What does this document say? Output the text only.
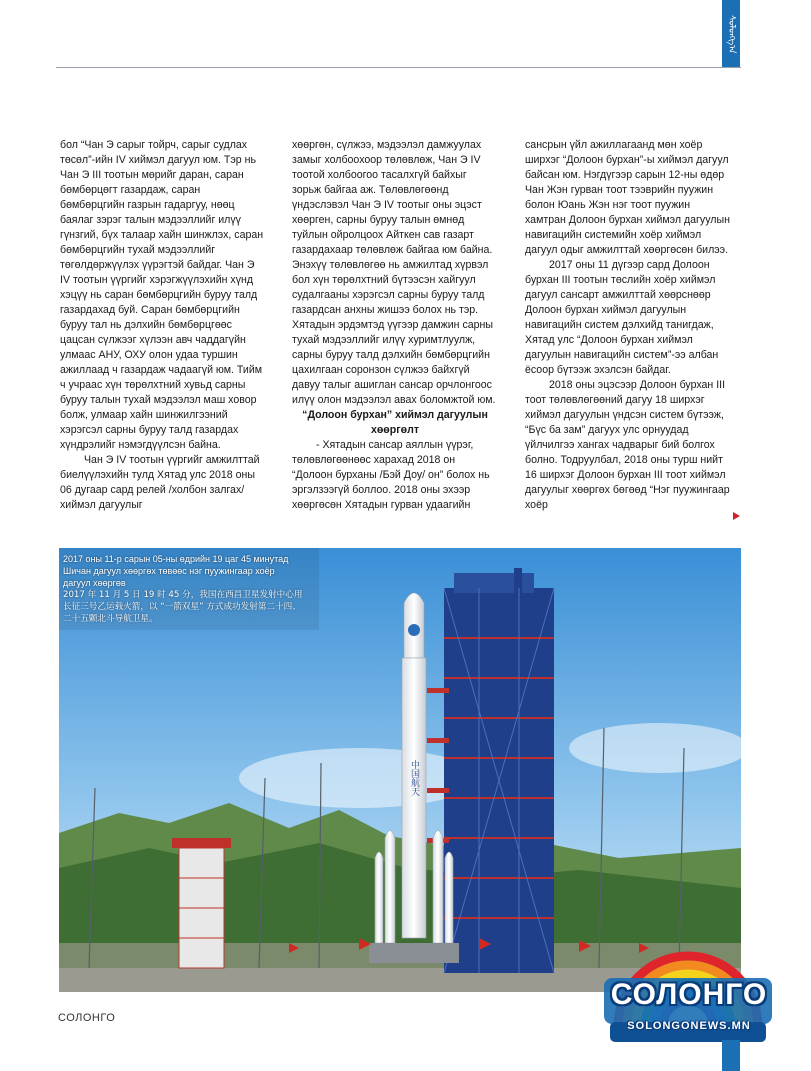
ᠰᠣᠯᠣᠩᠭ᠎ᠠ

бол “Чан Э сарыг тойрч, сарыг судлах төсөл”-ийн IV хиймэл дагуул юм. Тэр нь Чан Э III тоотын мөрийг даран, саран бөмбөрцөгт газардаж, саран бөмбөрцгийн газрын гадаргуу, нөөц баялаг зэрэг талын мэдээллийг илүү гүнзгий, бүх талаар хайн шинжлэх, саран бөмбөрцгийн тухай мэдээллийг төгөлдөржүүлэх үүрэгтэй байдаг. Чан Э IV тоотын үүргийг хэрэгжүүлэхийн хүнд хэцүү нь саран бөмбөрцгийн буруу талд газардахад буй. Саран бөмбөрцгийн буруу тал нь дэлхийн бөмбөрцгөөс цацсан сүлжээг хүлээн авч чаддагүйн улмаас АНУ, ОХУ олон удаа туршин ажиллаад ч газардаж чадаагүй юм. Тийм ч учраас хүн төрөлхтний хувьд сарны буруу талын тухай мэдээлэл маш ховор болж, улмаар хайн шинжилгээний хэрэгсэл сарны буруу талд газардах хүндрэлийг нэмэгдүүлсэн байна.

Чан Э IV тоотын үүргийг амжилттай биелүүлэхийн тулд Хятад улс 2018 оны 06 дугаар сард релей /холбон залгах/ хиймэл дагуулыг

хөөргөн, сүлжээ, мэдээлэл дамжуулах замыг холбоохоор төлөвлөж, Чан Э IV тоотой холбоогоо тасалхгүй байхыг зорьж байгаа аж. Төлөвлөгөөнд үндэслэвэл Чан Э IV тоотыг оны эцэст хөөрген, сарны буруу талын өмнөд туйлын ойролцоох Айткен сав газарт газардахаар төлөвлөж байгаа юм байна. Энэхүү төлөвлөгөө нь амжилтад хүрвэл бол хүн төрөлхтний бүтээсэн хайгуул судалгааны хэрэгсэл сарны буруу талд газардсан анхны жишээ болох нь тэр. Хятадын эрдэмтэд үүгээр дамжин сарны тухай мэдээллийг илүү хуримтлуулж, сарны буруу талд дэлхийн бөмбөрцгийн цахилгаан соронзон сүлжээ байхгүй давуу талыг ашиглан сансар орчлонгоос илүү олон мэдээлэл авах боломжтой юм.

“Долоон бурхан” хиймэл дагуулын хөөргөлт

- Хятадын сансар аяллын үүрэг, төлөвлөгөөнөөс харахад 2018 он “Долоон бурханы /Бэй Доу/ он” болох нь эргэлзээгүй боллоо. 2018 оны эхээр хөөргөсөн Хятадын гурван удаагийн

сансрын үйл ажиллагаанд мөн хоёр ширхэг “Долоон бурхан”-ы хиймэл дагуул байсан юм. Нэгдүгээр сарын 12-ны өдөр Чан Жэн гурван тоот тээврийн пуужин болон Юань Жэн нэг тоот пуужин хамтран Долоон бурхан хиймэл дагуулын навигацийн системийн хоёр хиймэл дагуул одыг амжилттай хөөргөсөн билээ.

2017 оны 11 дүгээр сард Долоон бурхан III тоотын төслийн хоёр хиймэл дагуул сансарт амжилттай хөөрснөөр Долоон бурхан хиймэл дагуулын навигацийн систем дэлхийд танигдаж, Хятад улс “Долоон бурхан хиймэл дагуулын навигацийн систем”-ээ албан ёсоор бүтээж эхэлсэн байдаг.

2018 оны эцэсээр Долоон бурхан III тоот төлөвлөгөөний дагуу 18 ширхэг хиймэл дагуулын үндсэн систем бүтээж, “Бүс ба зам” дагуух улс орнуудад үйлчилгээ хангах чадварыг бий болгох болно. Тодруулбал, 2018 оны турш нийт 16 ширхэг Долоон бурхан III тоот хиймэл дагуулыг хөөргөх бөгөөд “Нэг пуужингаар хоёр

中国航天

2017 оны 11-р сарын 05-ны өдрийн 19 цаг 45 минутад Шичан дагуул хөөргөх төвөөс нэг пуужингаар хоёр дагуул хөөргөв

2017 年 11 月 5 日 19 时 45 分，我国在西昌卫星发射中心用长征三号乙运载火箭，以 “一箭双星” 方式成功发射第二十四、二十五颗北斗导航卫星。

СОЛОНГО
СОЛОНГО
SOLONGONEWS.MN
